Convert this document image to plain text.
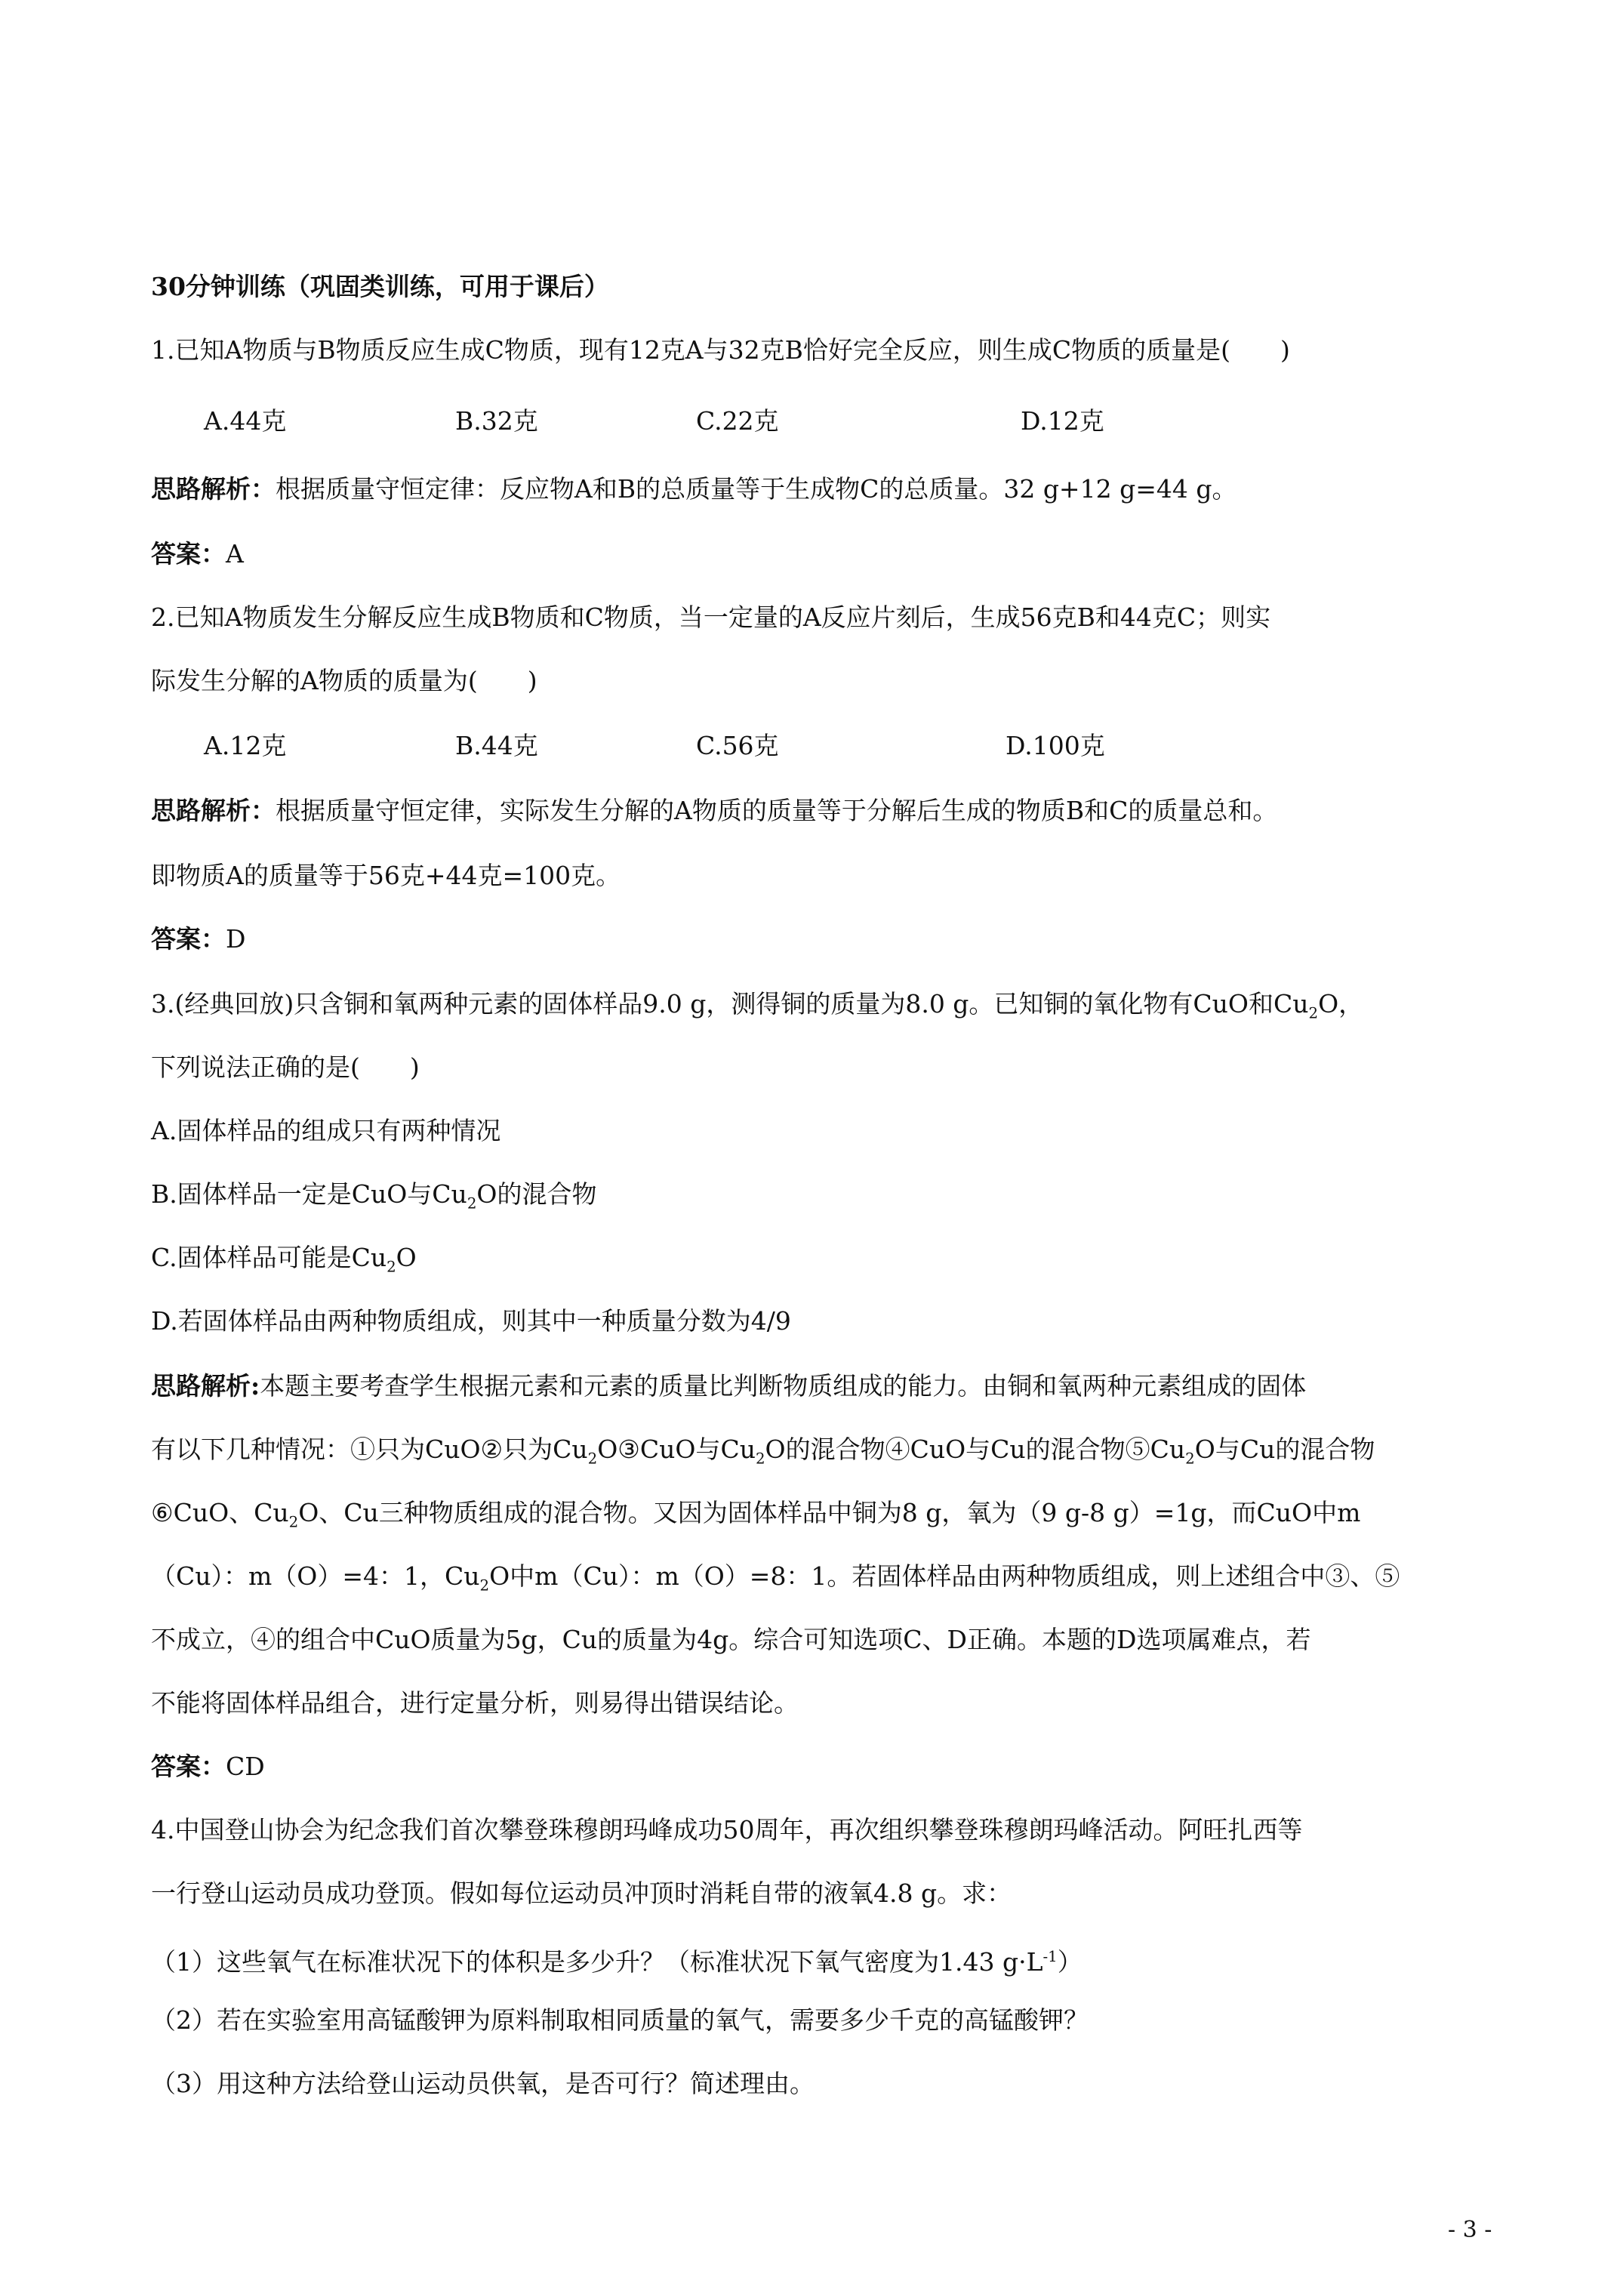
30分钟训练（巩固类训练，可用于课后）
1.已知A物质与B物质反应生成C物质，现有12克A与32克B恰好完全反应，则生成C物质的质量是(　　)
A.44克	B.32克	C.22克	D.12克
思路解析：根据质量守恒定律：反应物A和B的总质量等于生成物C的总质量。32 g+12 g=44 g。
答案：A
2.已知A物质发生分解反应生成B物质和C物质，当一定量的A反应片刻后，生成56克B和44克C；则实
际发生分解的A物质的质量为(　　)
A.12克	B.44克	C.56克	D.100克
思路解析：根据质量守恒定律，实际发生分解的A物质的质量等于分解后生成的物质B和C的质量总和。
即物质A的质量等于56克+44克=100克。
答案：D
3.(经典回放)只含铜和氧两种元素的固体样品9.0 g，测得铜的质量为8.0 g。已知铜的氧化物有CuO和$Cu_2O$，
下列说法正确的是(　　)
A.固体样品的组成只有两种情况
B.固体样品一定是CuO与$Cu_2O$的混合物
C.固体样品可能是$Cu_2O$
D.若固体样品由两种物质组成，则其中一种质量分数为4/9
思路解析:本题主要考查学生根据元素和元素的质量比判断物质组成的能力。由铜和氧两种元素组成的固体
有以下几种情况：①只为CuO②只为$Cu_2O③CuO$与$Cu_2O$的混合物④CuO与Cu的混合物$⑤Cu_2O$与Cu的混合物
⑥CuO、$Cu_2O$、Cu三种物质组成的混合物。又因为固体样品中铜为8 g，氧为（9 g-8 g）=1g，而CuO中m
（Cu）：m（O）=4：1，$Cu_2O$中m（Cu）：m（O）=8：1。若固体样品由两种物质组成，则上述组合中③、⑤
不成立，④的组合中CuO质量为5g，Cu的质量为4g。综合可知选项C、D正确。本题的D选项属难点，若
不能将固体样品组合，进行定量分析，则易得出错误结论。
答案：CD
4.中国登山协会为纪念我们首次攀登珠穆朗玛峰成功50周年，再次组织攀登珠穆朗玛峰活动。阿旺扎西等
一行登山运动员成功登顶。假如每位运动员冲顶时消耗自带的液氧4.8 g。求：
（1）这些氧气在标准状况下的体积是多少升？（标准状况下氧气密度为1.43 $g\cdot L^{-1}$）
（2）若在实验室用高锰酸钾为原料制取相同质量的氧气，需要多少千克的高锰酸钾？
（3）用这种方法给登山运动员供氧，是否可行？简述理由。
- 3 -
